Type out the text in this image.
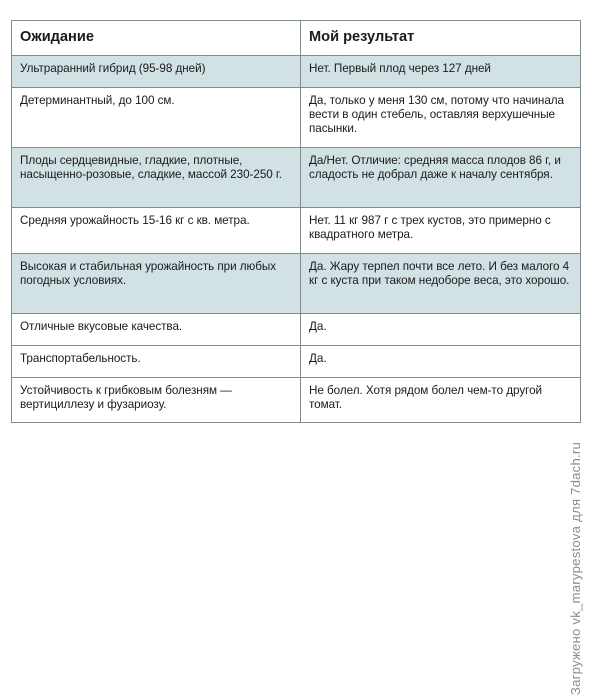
Ожидание	Мой результат
Ультраранний гибрид (95-98 дней)	Нет. Первый плод через 127 дней
Детерминантный, до 100 см.	Да, только у меня 130 см, потому что начинала вести в один стебель, оставляя верхушечные пасынки.
Плоды сердцевидные, гладкие, плотные, насыщенно-розовые, сладкие, массой 230-250 г.	Да/Нет. Отличие: средняя масса плодов 86 г, и сладость не добрал даже к началу сентября.
Средняя урожайность 15-16 кг с кв. метра.	Нет. 11 кг 987 г с трех кустов, это примерно с квадратного метра.
Высокая и стабильная урожайность при любых погодных условиях.	Да. Жару терпел почти все лето. И без малого 4 кг с куста при таком недоборе веса, это хорошо.
Отличные вкусовые качества.	Да.
Транспортабельность.	Да.
Устойчивость к грибковым болезням — вертициллезу и фузариозу.	Не болел. Хотя рядом болел чем-то другой томат.
Загружено vk_marypestova для 7dach.ru
